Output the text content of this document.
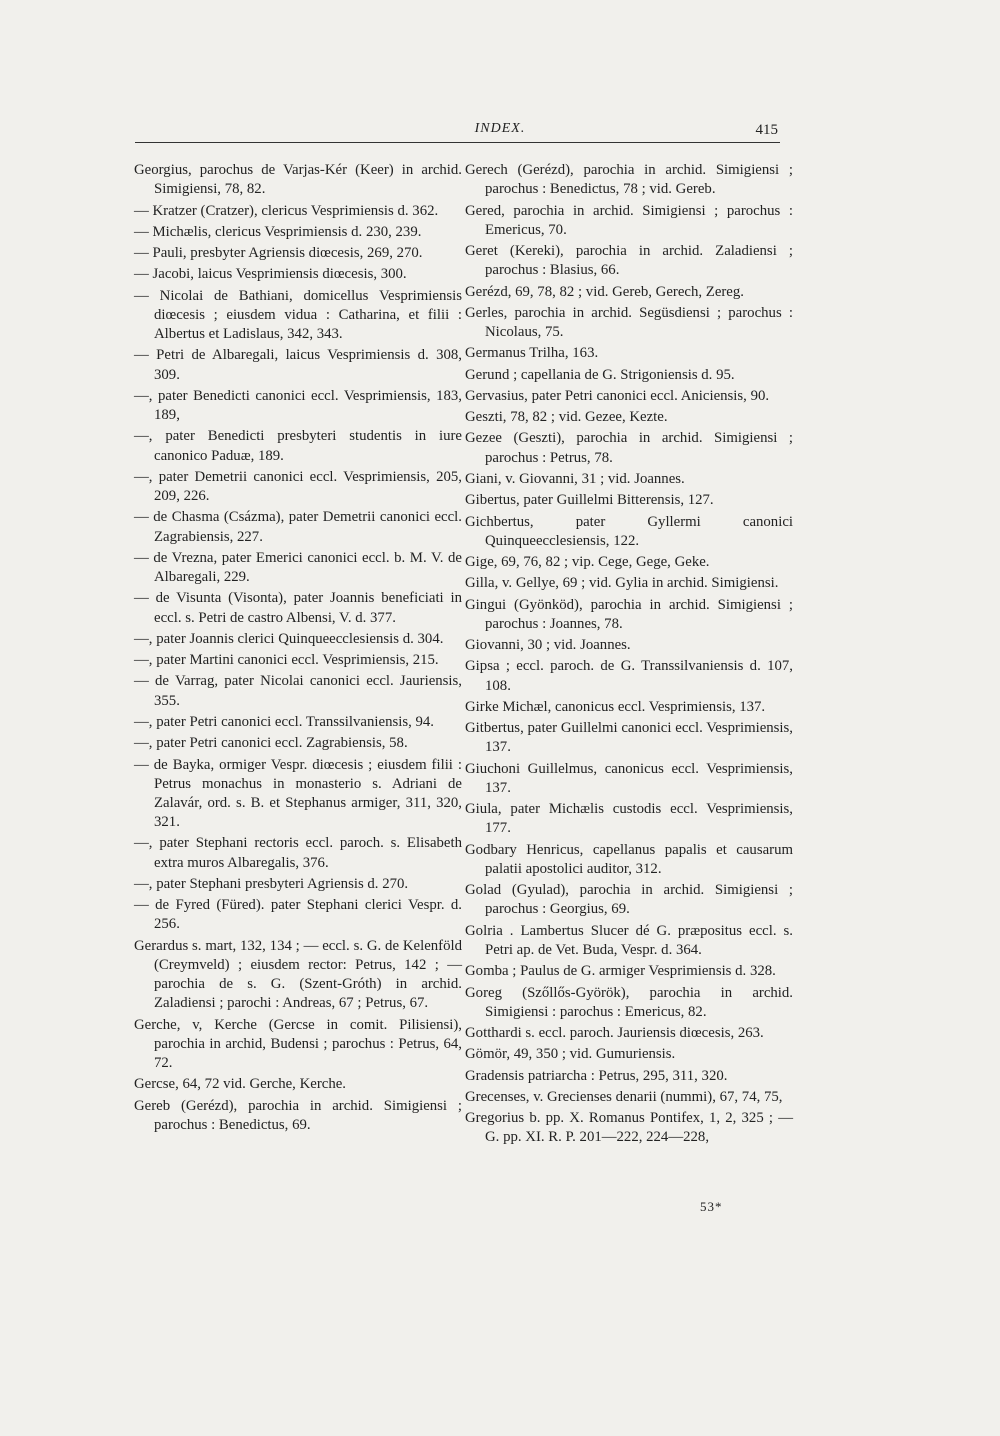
INDEX.	415

Georgius, parochus de Varjas-Kér (Keer) in archid. Simigiensi, 78, 82.

— Kratzer (Cratzer), clericus Vesprimiensis d. 362.

— Michælis, clericus Vesprimiensis d. 230, 239.

— Pauli, presbyter Agriensis diœcesis, 269, 270.

— Jacobi, laicus Vesprimiensis diœcesis, 300.

— Nicolai de Bathiani, domicellus Vesprimiensis diœcesis ; eiusdem vidua : Catharina, et filii : Albertus et Ladislaus, 342, 343.

— Petri de Albaregali, laicus Vesprimiensis d. 308, 309.

—, pater Benedicti canonici eccl. Vesprimiensis, 183, 189,

—, pater Benedicti presbyteri studentis in iure canonico Paduæ, 189.

—, pater Demetrii canonici eccl. Vesprimiensis, 205, 209, 226.

— de Chasma (Csázma), pater Demetrii canonici eccl. Zagrabiensis, 227.

— de Vrezna, pater Emerici canonici eccl. b. M. V. de Albaregali, 229.

— de Visunta (Visonta), pater Joannis beneficiati in eccl. s. Petri de castro Albensi, V. d. 377.

—, pater Joannis clerici Quinqueecclesiensis d. 304.

—, pater Martini canonici eccl. Vesprimiensis, 215.

— de Varrag, pater Nicolai canonici eccl. Jauriensis, 355.

—, pater Petri canonici eccl. Transsilvaniensis, 94.

—, pater Petri canonici eccl. Zagrabiensis, 58.

— de Bayka, ormiger Vespr. diœcesis ; eiusdem filii : Petrus monachus in monasterio s. Adriani de Zalavár, ord. s. B. et Stephanus armiger, 311, 320, 321.

—, pater Stephani rectoris eccl. paroch. s. Elisabeth extra muros Albaregalis, 376.

—, pater Stephani presbyteri Agriensis d. 270.

— de Fyred (Füred). pater Stephani clerici Vespr. d. 256.

Gerardus s. mart, 132, 134 ; — eccl. s. G. de Kelenföld (Creymveld) ; eiusdem rector: Petrus, 142 ; — parochia de s. G. (Szent-Gróth) in archid. Zaladiensi ; parochi : Andreas, 67 ; Petrus, 67.

Gerche, v, Kerche (Gercse in comit. Pilisiensi), parochia in archid, Budensi ; parochus : Petrus, 64, 72.

Gercse, 64, 72 vid. Gerche, Kerche.

Gereb (Gerézd), parochia in archid. Simigiensi ; parochus : Benedictus, 69.

Gerech (Gerézd), parochia in archid. Simigiensi ; parochus : Benedictus, 78 ; vid. Gereb.

Gered, parochia in archid. Simigiensi ; parochus : Emericus, 70.

Geret (Kereki), parochia in archid. Zaladiensi ; parochus : Blasius, 66.

Gerézd, 69, 78, 82 ; vid. Gereb, Gerech, Zereg.

Gerles, parochia in archid. Següsdiensi ; parochus : Nicolaus, 75.

Germanus Trilha, 163.

Gerund ; capellania de G. Strigoniensis d. 95.

Gervasius, pater Petri canonici eccl. Aniciensis, 90.

Geszti, 78, 82 ; vid. Gezee, Kezte.

Gezee (Geszti), parochia in archid. Simigiensi ; parochus : Petrus, 78.

Giani, v. Giovanni, 31 ; vid. Joannes.

Gibertus, pater Guillelmi Bitterensis, 127.

Gichbertus, pater Gyllermi canonici Quinqueecclesiensis, 122.

Gige, 69, 76, 82 ; vip. Cege, Gege, Geke.

Gilla, v. Gellye, 69 ; vid. Gylia in archid. Simigiensi.

Gingui (Gyönköd), parochia in archid. Simigiensi ; parochus : Joannes, 78.

Giovanni, 30 ; vid. Joannes.

Gipsa ; eccl. paroch. de G. Transsilvaniensis d. 107, 108.

Girke Michæl, canonicus eccl. Vesprimiensis, 137.

Gitbertus, pater Guillelmi canonici eccl. Vesprimiensis, 137.

Giuchoni Guillelmus, canonicus eccl. Vesprimiensis, 137.

Giula, pater Michælis custodis eccl. Vesprimiensis, 177.

Godbary Henricus, capellanus papalis et causarum palatii apostolici auditor, 312.

Golad (Gyulad), parochia in archid. Simigiensi ; parochus : Georgius, 69.

Golria . Lambertus Slucer dé G. præpositus eccl. s. Petri ap. de Vet. Buda, Vespr. d. 364.

Gomba ; Paulus de G. armiger Vesprimiensis d. 328.

Goreg (Szőllős-Györök), parochia in archid. Simigiensi : parochus : Emericus, 82.

Gotthardi s. eccl. paroch. Jauriensis diœcesis, 263.

Gömör, 49, 350 ; vid. Gumuriensis.

Gradensis patriarcha : Petrus, 295, 311, 320.

Grecenses, v. Grecienses denarii (nummi), 67, 74, 75,

Gregorius b. pp. X. Romanus Pontifex, 1, 2, 325 ; — G. pp. XI. R. P. 201—222, 224—228,

53*
